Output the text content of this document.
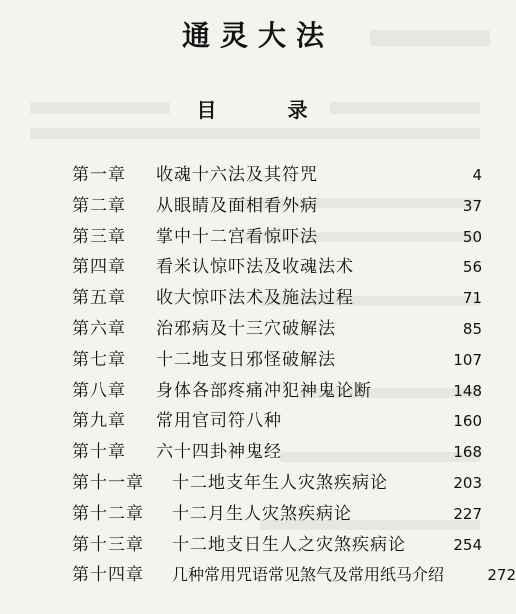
通灵大法
目 录
第一章 收魂十六法及其符咒	4
第二章 从眼睛及面相看外病	37
第三章 掌中十二宫看惊吓法	50
第四章 看米认惊吓法及收魂法术	56
第五章 收大惊吓法术及施法过程	71
第六章 治邪病及十三穴破解法	85
第七章 十二地支日邪怪破解法	107
第八章 身体各部疼痛冲犯神鬼论断	148
第九章 常用官司符八种	160
第十章 六十四卦神鬼经	168
第十一章 十二地支年生人灾煞疾病论	203
第十二章 十二月生人灾煞疾病论	227
第十三章 十二地支日生人之灾煞疾病论	254
第十四章 几种常用咒语常见煞气及常用纸马介绍	272
